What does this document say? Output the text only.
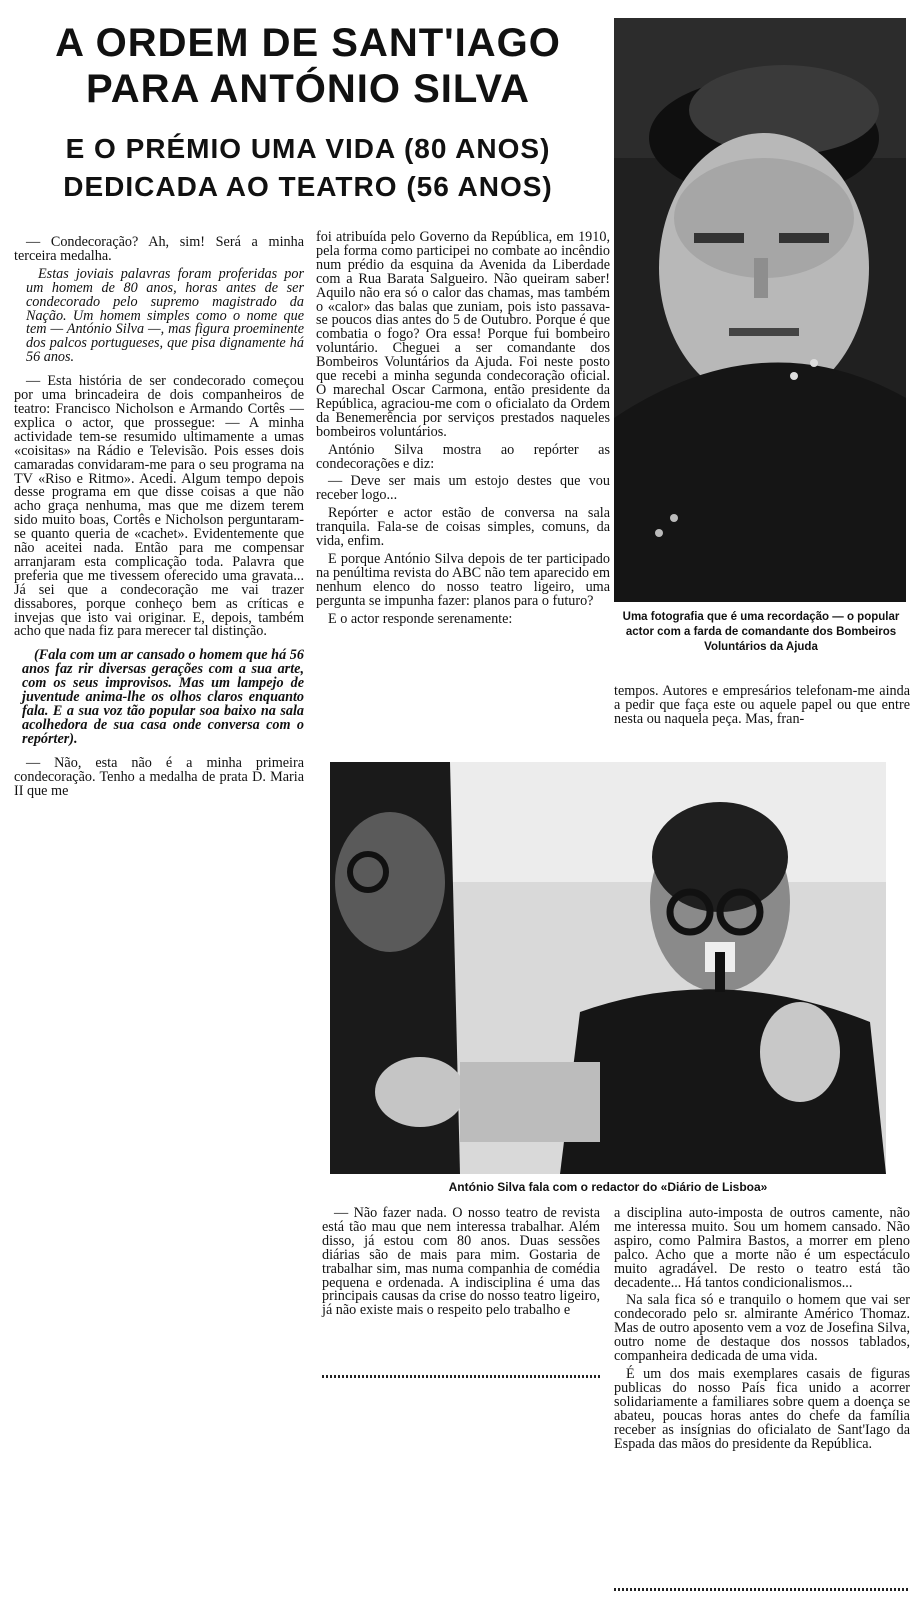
A ORDEM DE SANT'IAGO
PARA ANTÓNIO SILVA
E O PRÉMIO UMA VIDA (80 ANOS)
DEDICADA AO TEATRO (56 ANOS)

— Condecoração? Ah, sim! Será a minha terceira medalha.

Estas joviais palavras foram proferidas por um homem de 80 anos, horas antes de ser condecorado pelo supremo magistrado da Nação. Um homem simples como o nome que tem — António Silva —, mas figura proeminente dos palcos portugueses, que pisa dignamente há 56 anos.

— Esta história de ser condecorado começou por uma brincadeira de dois companheiros de teatro: Francisco Nicholson e Armando Cortês — explica o actor, que prossegue: — A minha actividade tem-se resumido ultimamente a umas «coisitas» na Rádio e Televisão. Pois esses dois camaradas convidaram-me para o seu programa na TV «Riso e Ritmo». Acedi. Algum tempo depois desse programa em que disse coisas a que não acho graça nenhuma, mas que me dizem terem sido muito boas, Cortês e Nicholson perguntaram-se quanto queria de «cachet». Evidentemente que não aceitei nada. Então para me compensar arranjaram esta complicação toda. Palavra que preferia que me tivessem oferecido uma gravata... Já sei que a condecoração me vai trazer dissabores, porque conheço bem as críticas e invejas que isto vai originar. E, depois, também acho que nada fiz para merecer tal distinção.

(Fala com um ar cansado o homem que há 56 anos faz rir diversas gerações com a sua arte, com os seus improvisos. Mas um lampejo de juventude anima-lhe os olhos claros enquanto fala. E a sua voz tão popular soa baixo na sala acolhedora de sua casa onde conversa com o repórter).

— Não, esta não é a minha primeira condecoração. Tenho a medalha de prata D. Maria II que me

foi atribuída pelo Governo da República, em 1910, pela forma como participei no combate ao incêndio num prédio da esquina da Avenida da Liberdade com a Rua Barata Salgueiro. Não queiram saber! Aquilo não era só o calor das chamas, mas também o «calor» das balas que zuniam, pois isto passava-se poucos dias antes do 5 de Outubro. Porque é que combatia o fogo? Ora essa! Porque fui bombeiro voluntário. Cheguei a ser comandante dos Bombeiros Voluntários da Ajuda. Foi neste posto que recebi a minha segunda condecoração oficial. O marechal Oscar Carmona, então presidente da República, agraciou-me com o oficialato da Ordem da Benemerência por serviços prestados naqueles bombeiros voluntários.

António Silva mostra ao repórter as condecorações e diz:

— Deve ser mais um estojo destes que vou receber logo...

Repórter e actor estão de conversa na sala tranquila. Fala-se de coisas simples, comuns, da vida, enfim.

E porque António Silva depois de ter participado na penúltima revista do ABC não tem aparecido em nenhum elenco do nosso teatro ligeiro, uma pergunta se impunha fazer: planos para o futuro?

E o actor responde serenamente:	Uma fotografia que é uma recordação — o popular actor com a farda de comandante dos Bombeiros Voluntários da Ajuda

tempos. Autores e empresários telefonam-me ainda a pedir que faça este ou aquele papel ou que entre nesta ou naquela peça. Mas, fran-

António Silva fala com o redactor do «Diário de Lisboa»

— Não fazer nada. O nosso teatro de revista está tão mau que nem interessa trabalhar. Além disso, já estou com 80 anos. Duas sessões diárias são de mais para mim. Gostaria de trabalhar sim, mas numa companhia de comédia pequena e ordenada. A indisciplina é uma das principais causas da crise do nosso teatro ligeiro, já não existe mais o respeito pelo trabalho e

a disciplina auto-imposta de outros camente, não me interessa muito. Sou um homem cansado. Não aspiro, como Palmira Bastos, a morrer em pleno palco. Acho que a morte não é um espectáculo muito agradável. De resto o teatro está tão decadente... Há tantos condicionalismos...

Na sala fica só e tranquilo o homem que vai ser condecorado pelo sr. almirante Américo Thomaz. Mas de outro aposento vem a voz de Josefina Silva, outro nome de destaque dos nossos tablados, companheira dedicada de uma vida.

É um dos mais exemplares casais de figuras publicas do nosso País fica unido a acorrer solidariamente a familiares sobre quem a doença se abateu, poucas horas antes do chefe da família receber as insígnias do oficialato de Sant'Iago da Espada das mãos do presidente da República.
